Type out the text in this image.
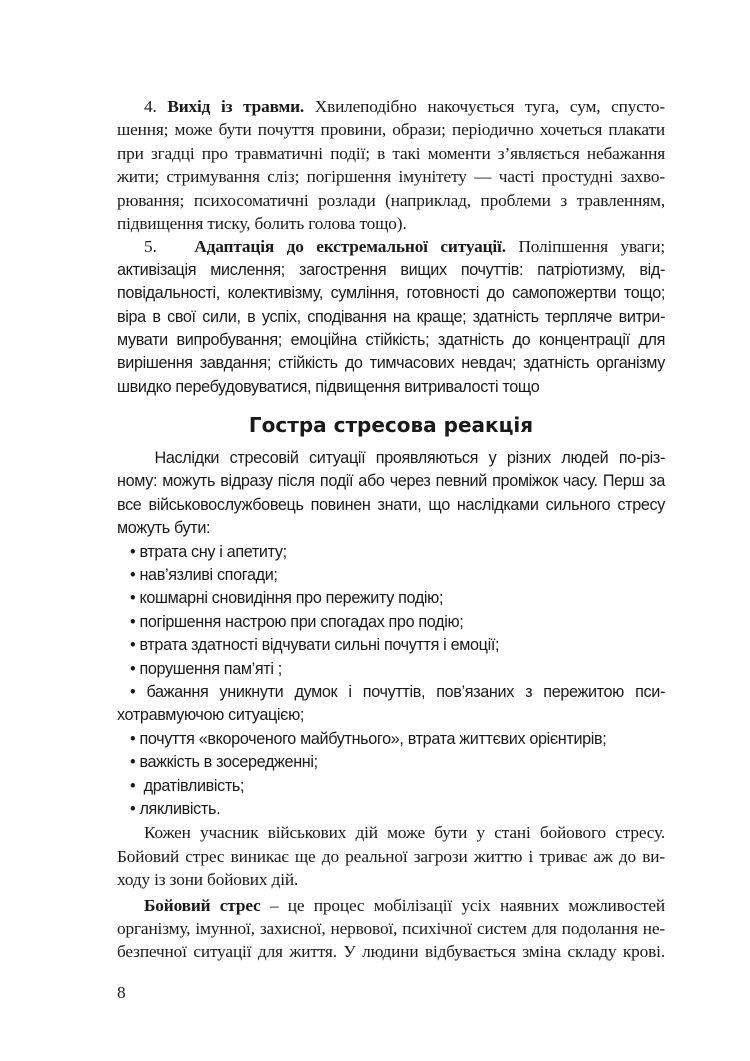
4. Вихід із травми. Хвилеподібно накочується туга, сум, спусто-
шення; може бути почуття провини, образи; періодично хочеться плакати
при згадці про травматичні події; в такі моменти з’являється небажання
жити; стримування сліз; погіршення імунітету — часті простудні захво-
рювання; психосоматичні розлади (наприклад, проблеми з травленням,
підвищення тиску, болить голова тощо).
5.   Адаптація до екстремальної ситуації. Поліпшення уваги;
активізація мислення; загострення вищих почуттів: патріотизму, від-
повідальності, колективізму, сумління, готовності до самопожертви тощо;
віра в свої сили, в успіх, сподівання на краще; здатність терпляче витри-
мувати випробування; емоційна стійкість; здатність до концентрації для
вирішення завдання; стійкість до тимчасових невдач; здатність організму
швидко перебудовуватися, підвищення витривалості тощо
Гостра стресова реакція
Наслідки стресовій ситуації проявляються у різних людей по-різ-
ному: можуть відразу після події або через певний проміжок часу. Перш за
все військовослужбовець повинен знати, що наслідками сильного стресу
можуть бути:
• втрата сну і апетиту;
• нав’язливі спогади;
• кошмарні сновидіння про пережиту подію;
• погіршення настрою при спогадах про подію;
• втрата здатності відчувати сильні почуття і емоції;
• порушення пам’яті ;
• бажання уникнути думок і почуттів, пов’язаних з пережитою пси-
хотравмуючою ситуацією;
• почуття «вкороченого майбутнього», втрата життєвих орієнтирів;
• важкість в зосередженні;
•  дратівливість;
• лякливість.
Кожен учасник військових дій може бути у стані бойового стресу.
Бойовий стрес виникає ще до реальної загрози життю і триває аж до ви-
ходу із зони бойових дій.
Бойовий стрес – це процес мобілізації усіх наявних можливостей
організму, імунної, захисної, нервової, психічної систем для подолання не-
безпечної ситуації для життя. У людини відбувається зміна складу крові.
8
